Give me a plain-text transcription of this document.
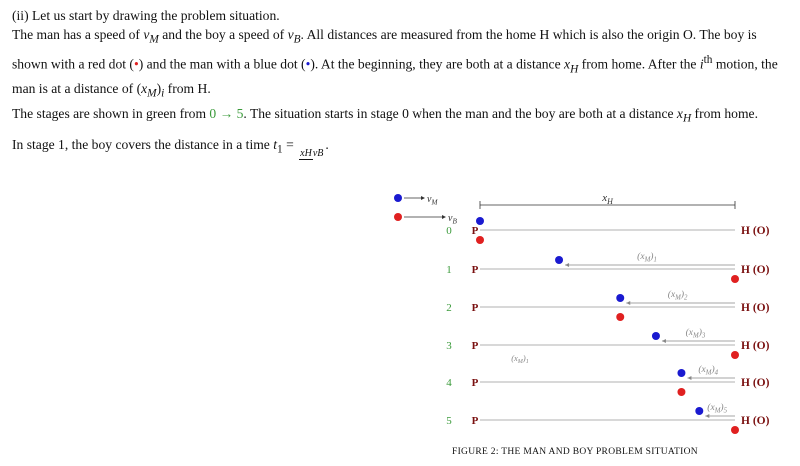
(ii) Let us start by drawing the problem situation.

The man has a speed of $v_M$ and the boy a speed of $v_B$. All distances are measured from the home H which is also the origin O. The boy is shown with a red dot (•) and the man with a blue dot (•). At the beginning, they are both at a distance $x_H$ from home. After the $i^{th}$ motion, the man is at a distance of $(x_M)_i$ from H.

The stages are shown in green from 0 → 5. The situation starts in stage 0 when the man and the boy are both at a distance $x_H$ from home.

In stage 1, the boy covers the distance in a time $t_1$ = xHvB.

$v_M$
$v_B$
$x_H$
0 P	H (O)
1 P	H (O)
$(x_M)_1$
2 P	H (O)
$(x_M)_2$
3 P	H (O)
$(x_M)_3$
4 P	H (O)
$(x_M)_4$
5 P	H (O)
$(x_M)_5$
$(x_M)_1$
FIGURE 2: THE MAN AND BOY PROBLEM SITUATION
